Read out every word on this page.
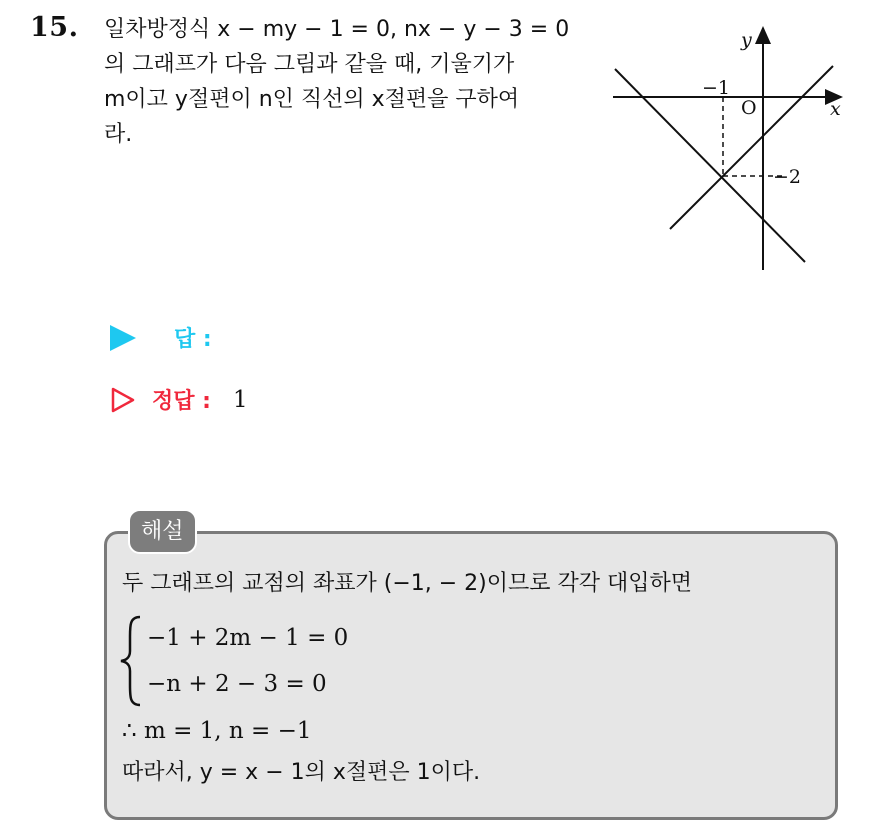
15. 일차방정식 x − my − 1 = 0, nx − y − 3 = 0
의 그래프가 다음 그림과 같을 때, 기울기가
m이고 y절편이 n인 직선의 x절편을 구하여
라.
y
x
O
−1
−2
답 :
정답 : 1
해설
두 그래프의 교점의 좌표가 (−1, − 2)이므로 각각 대입하면
−1 + 2m − 1 = 0
−n + 2 − 3 = 0
∴ m = 1, n = −1
따라서, y = x − 1의 x절편은 1이다.
